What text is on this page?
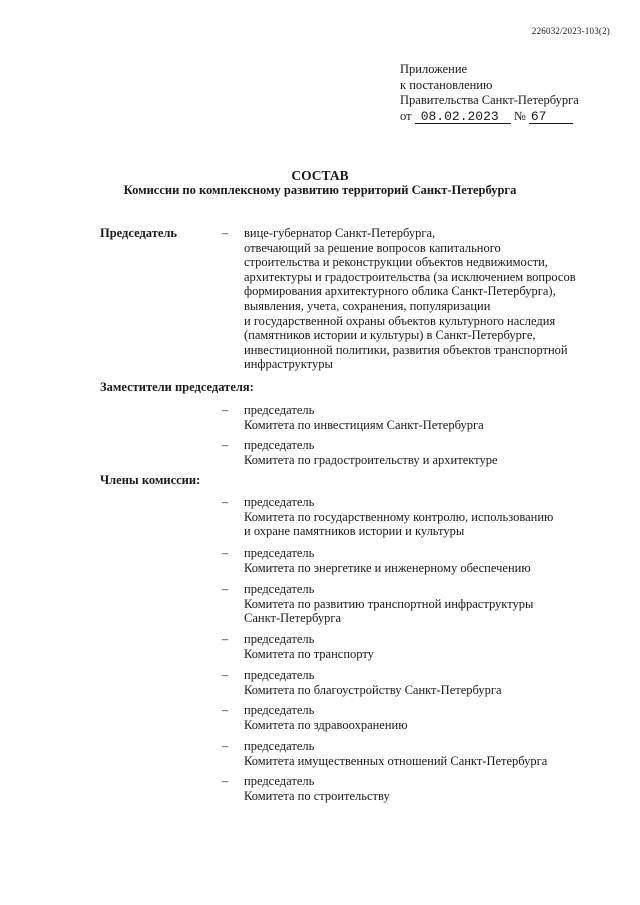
226032/2023-103(2)
Приложение
к постановлению
Правительства Санкт-Петербурга
от 08.02.2023 № 67
СОСТАВ
Комиссии по комплексному развитию территорий Санкт-Петербурга
Председатель	– вице-губернатор Санкт-Петербурга,
отвечающий за решение вопросов капитального
строительства и реконструкции объектов недвижимости,
архитектуры и градостроительства (за исключением вопросов
формирования архитектурного облика Санкт-Петербурга),
выявления, учета, сохранения, популяризации
и государственной охраны объектов культурного наследия
(памятников истории и культуры) в Санкт-Петербурге,
инвестиционной политики, развития объектов транспортной
инфраструктуры
Заместители председателя:
– председатель
Комитета по инвестициям Санкт-Петербурга
– председатель
Комитета по градостроительству и архитектуре
Члены комиссии:
– председатель
Комитета по государственному контролю, использованию
и охране памятников истории и культуры
– председатель
Комитета по энергетике и инженерному обеспечению
– председатель
Комитета по развитию транспортной инфраструктуры
Санкт-Петербурга
– председатель
Комитета по транспорту
– председатель
Комитета по благоустройству Санкт-Петербурга
– председатель
Комитета по здравоохранению
– председатель
Комитета имущественных отношений Санкт-Петербурга
– председатель
Комитета по строительству
